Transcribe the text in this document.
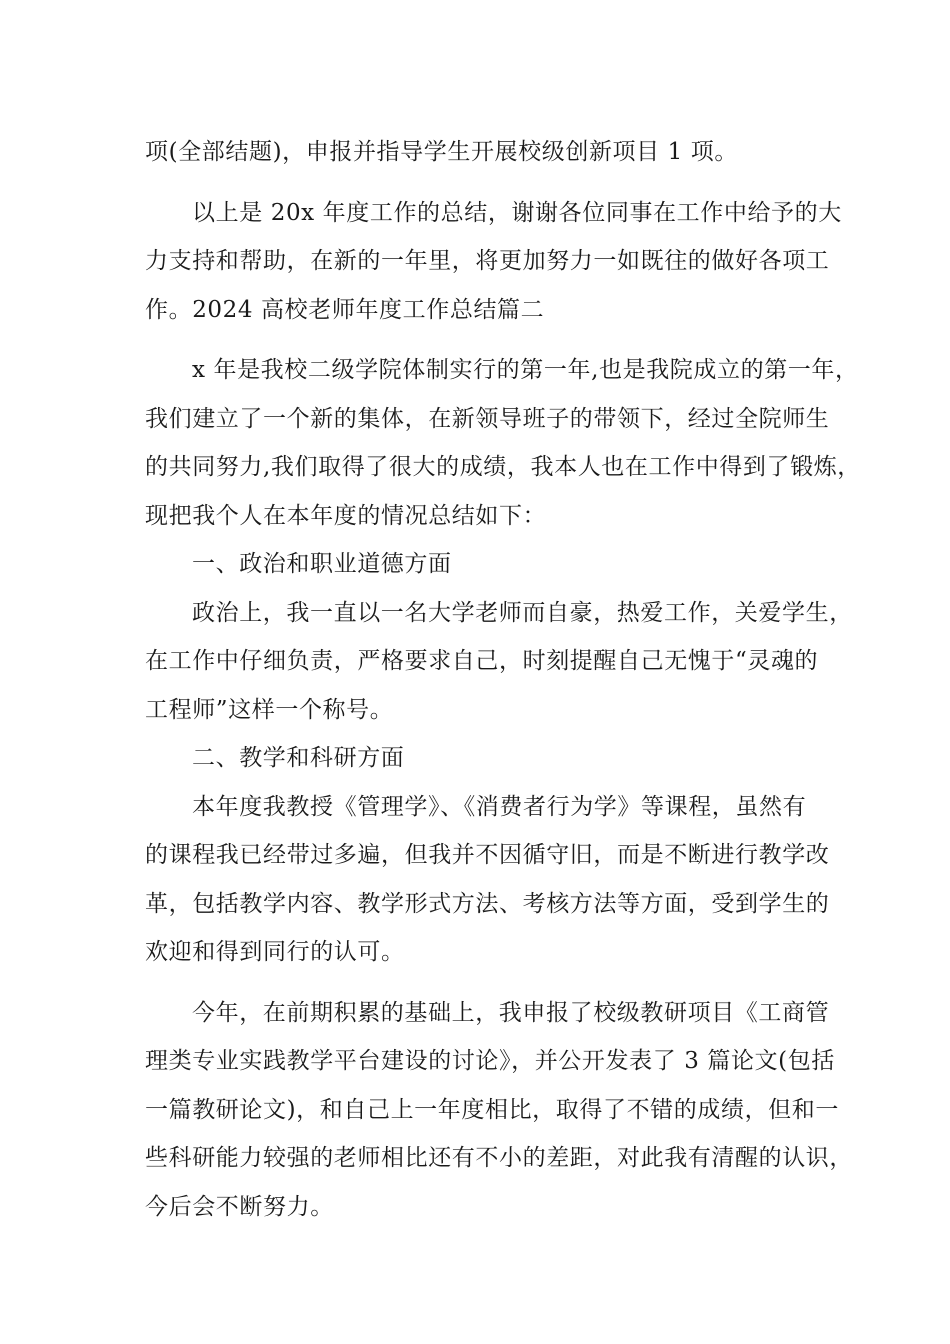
项(全部结题)，申报并指导学生开展校级创新项目 1 项。
以上是 20x 年度工作的总结，谢谢各位同事在工作中给予的大
力支持和帮助，在新的一年里，将更加努力一如既往的做好各项工
作。2024 高校老师年度工作总结篇二
x 年是我校二级学院体制实行的第一年,也是我院成立的第一年，
我们建立了一个新的集体，在新领导班子的带领下，经过全院师生
的共同努力,我们取得了很大的成绩，我本人也在工作中得到了锻炼，
现把我个人在本年度的情况总结如下：
一、政治和职业道德方面
政治上，我一直以一名大学老师而自豪，热爱工作，关爱学生，
在工作中仔细负责，严格要求自己，时刻提醒自己无愧于“灵魂的
工程师”这样一个称号。
二、教学和科研方面
本年度我教授《管理学》、《消费者行为学》等课程，虽然有
的课程我已经带过多遍，但我并不因循守旧，而是不断进行教学改
革，包括教学内容、教学形式方法、考核方法等方面，受到学生的
欢迎和得到同行的认可。
今年，在前期积累的基础上，我申报了校级教研项目《工商管
理类专业实践教学平台建设的讨论》，并公开发表了 3 篇论文(包括
一篇教研论文)，和自己上一年度相比，取得了不错的成绩，但和一
些科研能力较强的老师相比还有不小的差距，对此我有清醒的认识，
今后会不断努力。
